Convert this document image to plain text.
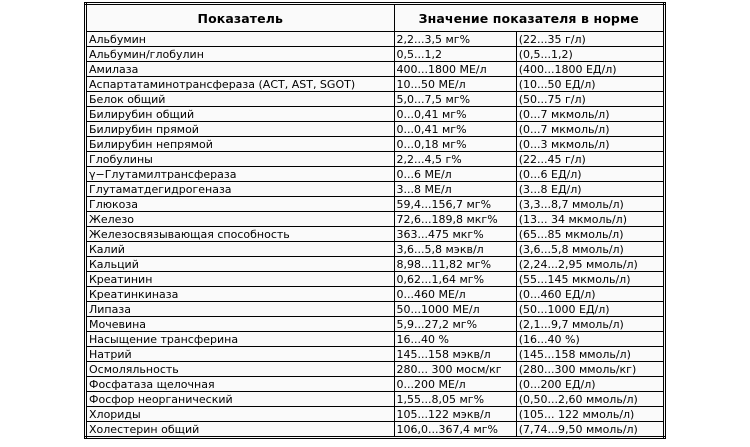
Показатель	Значение показателя в норме	
Альбумин	2,2...3,5 мг%	(22...35 г/л)
Альбумин/глобулин	0,5...1,2	(0,5...1,2)
Амилаза	400...1800 МЕ/л	(400...1800 ЕД/л)
Аспартатаминотрансфераза (АСТ, AST, SGOT)	10...50 МЕ/л	(10...50 ЕД/л)
Белок общий	5,0...7,5 мг%	(50...75 г/л)
Билирубин общий	0...0,41 мг%	(0...7 мкмоль/л)
Билирубин прямой	0...0,41 мг%	(0...7 мкмоль/л)
Билирубин непрямой	0...0,18 мг%	(0...3 мкмоль/л)
Глобулины	2,2...4,5 г%	(22...45 г/л)
γ−Глутамилтрансфераза	0...6 МЕ/л	(0...6 ЕД/л)
Глутаматдегидрогеназа	3...8 МЕ/л	(3...8 ЕД/л)
Глюкоза	59,4...156,7 мг%	(3,3...8,7 ммоль/л)
Железо	72,6...189,8 мкг%	(13... 34 мкмоль/л)
Железосвязывающая способность	363...475 мкг%	(65...85 мкмоль/л)
Калий	3,6...5,8 мэкв/л	(3,6...5,8 ммоль/л)
Кальций	8,98...11,82 мг%	(2,24...2,95 ммоль/л)
Креатинин	0,62...1,64 мг%	(55...145 мкмоль/л)
Креатинкиназа	0...460 МЕ/л	(0...460 ЕД/л)
Липаза	50...1000 МЕ/л	(50...1000 ЕД/л)
Мочевина	5,9...27,2 мг%	(2,1...9,7 ммоль/л)
Насыщение трансферина	16...40 %	(16...40 %)
Натрий	145...158 мэкв/л	(145...158 ммоль/л)
Осмоляльность	280... 300 мосм/кг	(280...300 ммоль/кг)
Фосфатаза щелочная	0...200 МЕ/л	(0...200 ЕД/л)
Фосфор неорганический	1,55...8,05 мг%	(0,50...2,60 ммоль/л)
Хлориды	105...122 мэкв/л	(105... 122 ммоль/л)
Холестерин общий	106,0...367,4 мг%	(7,74...9,50 ммоль/л)
